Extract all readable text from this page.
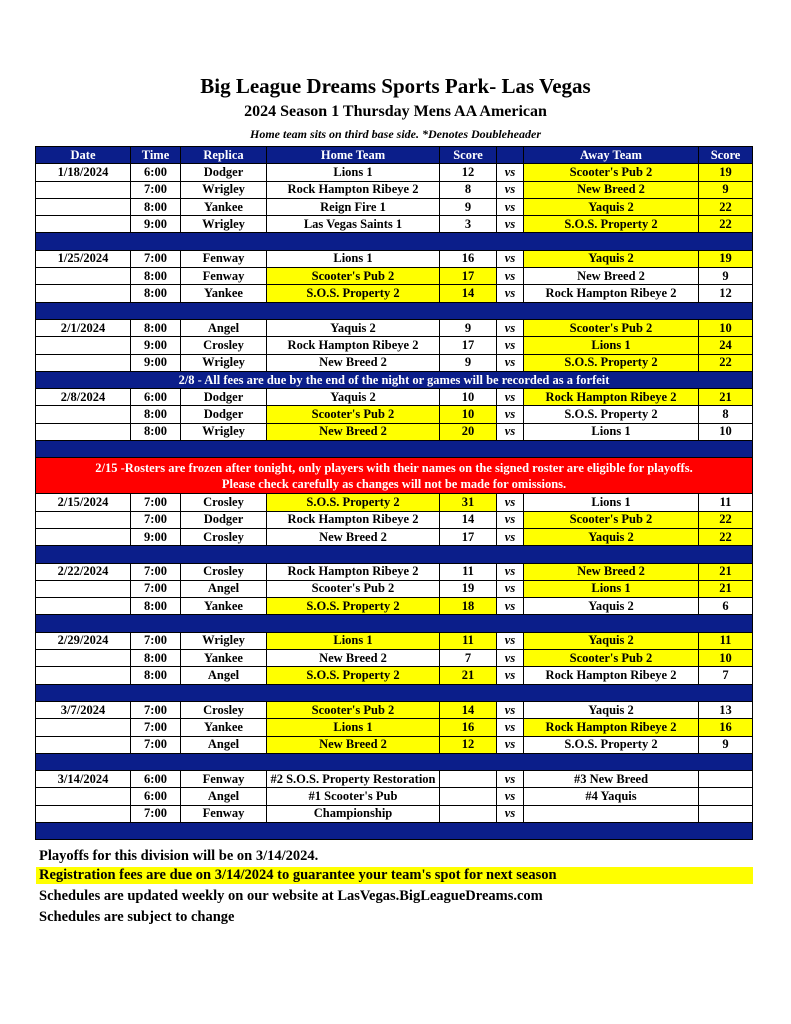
Big League Dreams Sports Park- Las Vegas
2024 Season 1 Thursday Mens AA American
Home team sits on third base side. *Denotes Doubleheader
Date	Time	Replica	Home Team	Score		Away Team	Score
1/18/2024	6:00	Dodger	Lions 1	12	vs	Scooter's Pub 2	19
	7:00	Wrigley	Rock Hampton Ribeye 2	8	vs	New Breed 2	9
	8:00	Yankee	Reign Fire 1	9	vs	Yaquis 2	22
	9:00	Wrigley	Las Vegas Saints 1	3	vs	S.O.S. Property 2	22

1/25/2024	7:00	Fenway	Lions 1	16	vs	Yaquis 2	19
	8:00	Fenway	Scooter's Pub 2	17	vs	New Breed 2	9
	8:00	Yankee	S.O.S. Property 2	14	vs	Rock Hampton Ribeye 2	12

2/1/2024	8:00	Angel	Yaquis 2	9	vs	Scooter's Pub 2	10
	9:00	Crosley	Rock Hampton Ribeye 2	17	vs	Lions 1	24
	9:00	Wrigley	New Breed 2	9	vs	S.O.S. Property 2	22
2/8 - All fees are due by the end of the night or games will be recorded as a forfeit							
2/8/2024	6:00	Dodger	Yaquis 2	10	vs	Rock Hampton Ribeye 2	21
	8:00	Dodger	Scooter's Pub 2	10	vs	S.O.S. Property 2	8
	8:00	Wrigley	New Breed 2	20	vs	Lions 1	10

2/15 -Rosters are frozen after tonight, only players with their names on the signed roster are eligible for playoffs.
Please check carefully as changes will not be made for omissions.							

2/15/2024	7:00	Crosley	S.O.S. Property 2	31	vs	Lions 1	11
	7:00	Dodger	Rock Hampton Ribeye 2	14	vs	Scooter's Pub 2	22
	9:00	Crosley	New Breed 2	17	vs	Yaquis 2	22

2/22/2024	7:00	Crosley	Rock Hampton Ribeye 2	11	vs	New Breed 2	21
	7:00	Angel	Scooter's Pub 2	19	vs	Lions 1	21
	8:00	Yankee	S.O.S. Property 2	18	vs	Yaquis 2	6

2/29/2024	7:00	Wrigley	Lions 1	11	vs	Yaquis 2	11
	8:00	Yankee	New Breed 2	7	vs	Scooter's Pub 2	10
	8:00	Angel	S.O.S. Property 2	21	vs	Rock Hampton Ribeye 2	7

3/7/2024	7:00	Crosley	Scooter's Pub 2	14	vs	Yaquis 2	13
	7:00	Yankee	Lions 1	16	vs	Rock Hampton Ribeye 2	16
	7:00	Angel	New Breed 2	12	vs	S.O.S. Property 2	9

3/14/2024	6:00	Fenway	#2 S.O.S. Property Restoration		vs	#3 New Breed	
	6:00	Angel	#1 Scooter's Pub		vs	#4 Yaquis	
	7:00	Fenway	Championship		vs		

Playoffs for this division will be on 3/14/2024.
Registration fees are due on 3/14/2024 to guarantee your team's spot for next season
Schedules are updated weekly on our website at LasVegas.BigLeagueDreams.com
Schedules are subject to change
